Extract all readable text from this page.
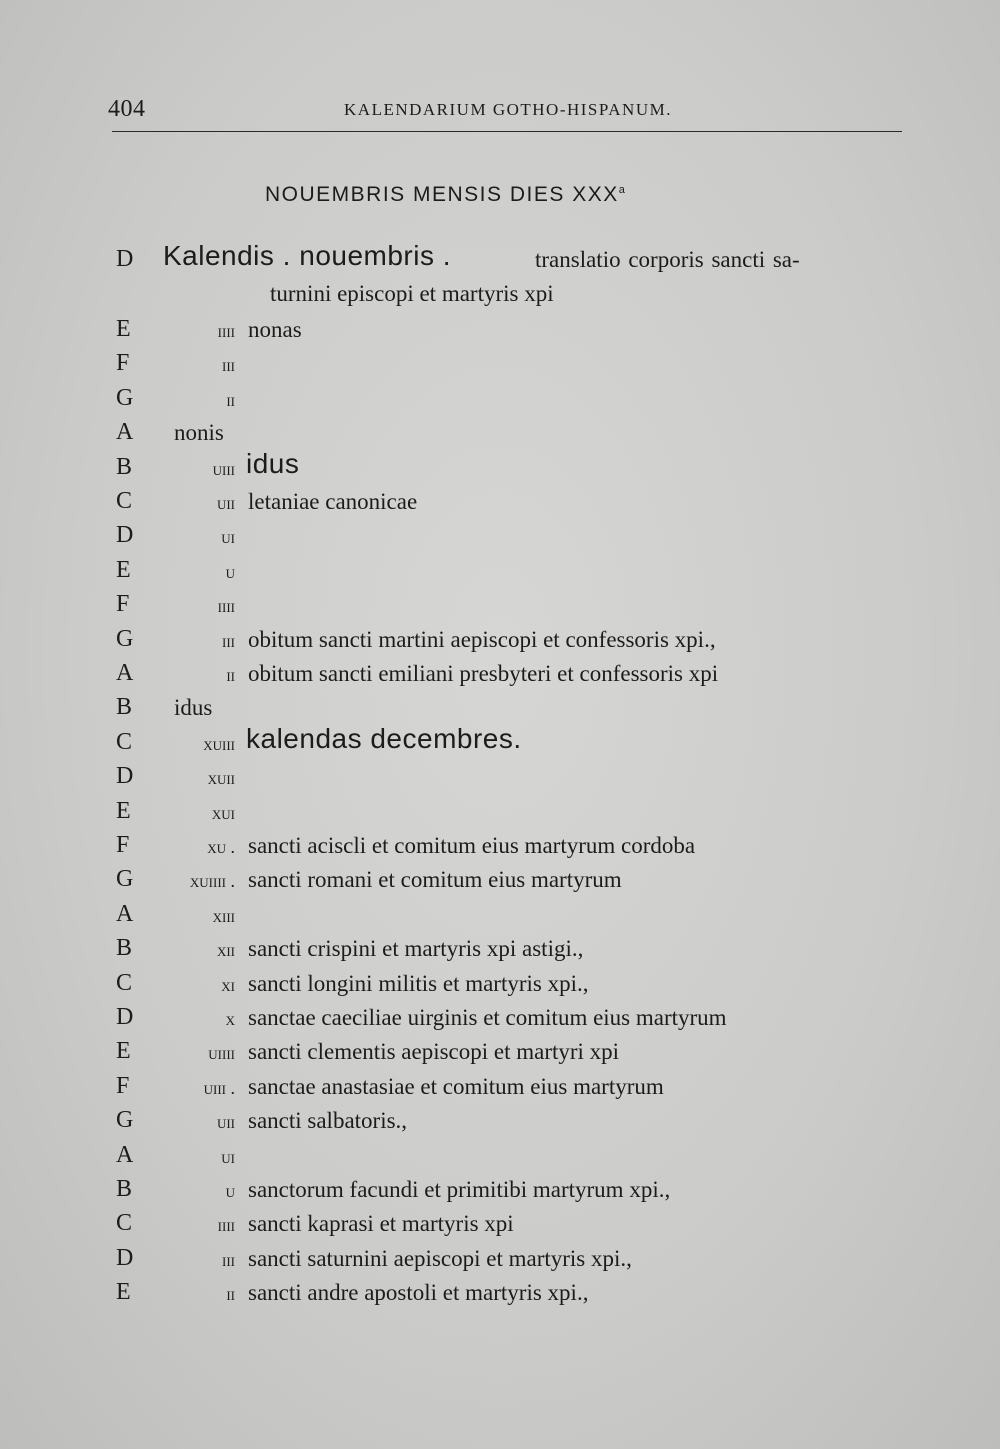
404	KALENDARIUM GOTHO-HISPANUM.
NOUEMBRIS MENSIS DIES XXX$^a$
D Kalendis . nouembris .	translatio corporis sancti sa-
turnini episcopi et martyris xpi
E	iiii nonas
F	iii
G	ii
A nonis
B	uiii idus
C	uii letaniae canonicae
D	ui
E	u
F	iiii
G	iii obitum sancti martini aepiscopi et confessoris xpi.,
A	ii obitum sancti emiliani presbyteri et confessoris xpi
B idus
C	xuiii kalendas decembres.
D	xuii
E	xui
F	xu . sancti aciscli et comitum eius martyrum cordoba
G	xuiiii . sancti romani et comitum eius martyrum
A	xiii
B	xii sancti crispini et martyris xpi astigi.,
C	xi sancti longini militis et martyris xpi.,
D	x sanctae caeciliae uirginis et comitum eius martyrum
E	uiiii sancti clementis aepiscopi et martyri xpi
F	uiii . sanctae anastasiae et comitum eius martyrum
G	uii sancti salbatoris.,
A	ui
B	u sanctorum facundi et primitibi martyrum xpi.,
C	iiii sancti kaprasi et martyris xpi
D	iii sancti saturnini aepiscopi et martyris xpi.,
E	ii sancti andre apostoli et martyris xpi.,
